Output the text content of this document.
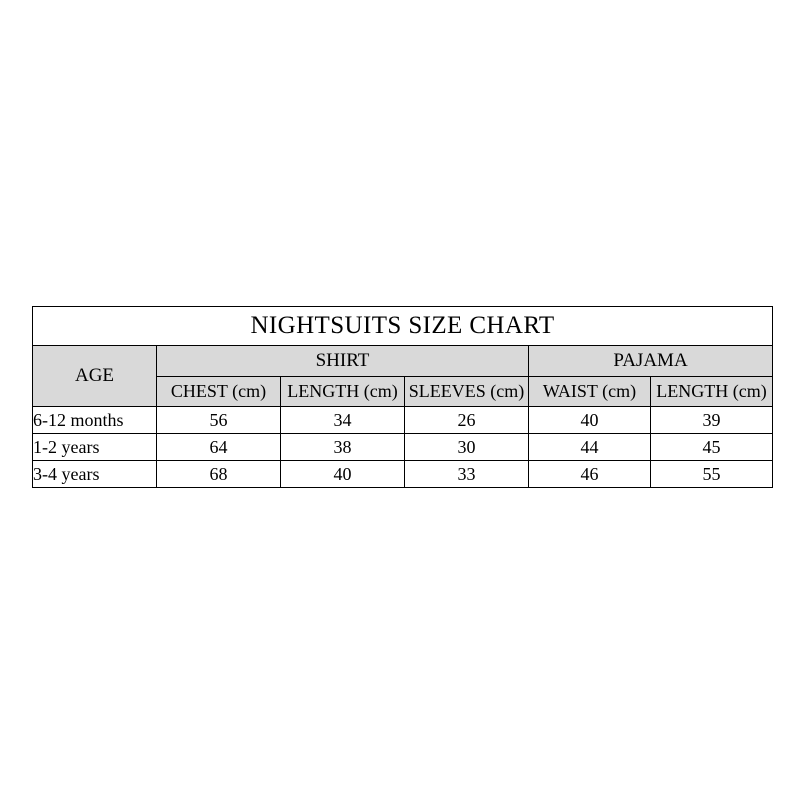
NIGHTSUITS SIZE CHART					
AGE	SHIRT			PAJAMA	
	CHEST (cm)	LENGTH (cm)	SLEEVES (cm)	WAIST (cm)	LENGTH (cm)
6-12 months	56	34	26	40	39
1-2 years	64	38	30	44	45
3-4 years	68	40	33	46	55
